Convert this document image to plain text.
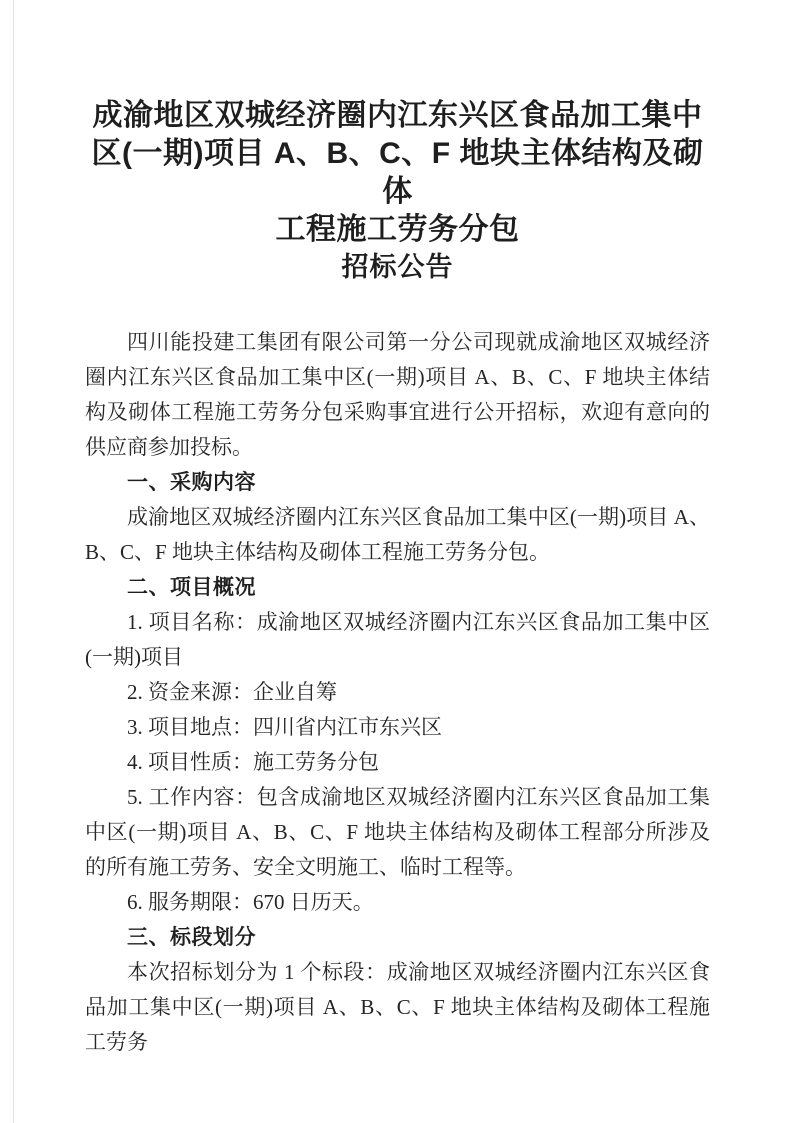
成渝地区双城经济圈内江东兴区食品加工集中
区(一期)项目 A、B、C、F 地块主体结构及砌体
工程施工劳务分包
招标公告

四川能投建工集团有限公司第一分公司现就成渝地区双城经济圈内江东兴区食品加工集中区(一期)项目 A、B、C、F 地块主体结构及砌体工程施工劳务分包采购事宜进行公开招标，欢迎有意向的供应商参加投标。

一、采购内容

成渝地区双城经济圈内江东兴区食品加工集中区(一期)项目 A、B、C、F 地块主体结构及砌体工程施工劳务分包。

二、项目概况

1. 项目名称：成渝地区双城经济圈内江东兴区食品加工集中区(一期)项目

2. 资金来源：企业自筹

3. 项目地点：四川省内江市东兴区

4. 项目性质：施工劳务分包

5. 工作内容：包含成渝地区双城经济圈内江东兴区食品加工集中区(一期)项目 A、B、C、F 地块主体结构及砌体工程部分所涉及的所有施工劳务、安全文明施工、临时工程等。

6. 服务期限：670 日历天。

三、标段划分

本次招标划分为 1 个标段：成渝地区双城经济圈内江东兴区食品加工集中区(一期)项目 A、B、C、F 地块主体结构及砌体工程施工劳务
